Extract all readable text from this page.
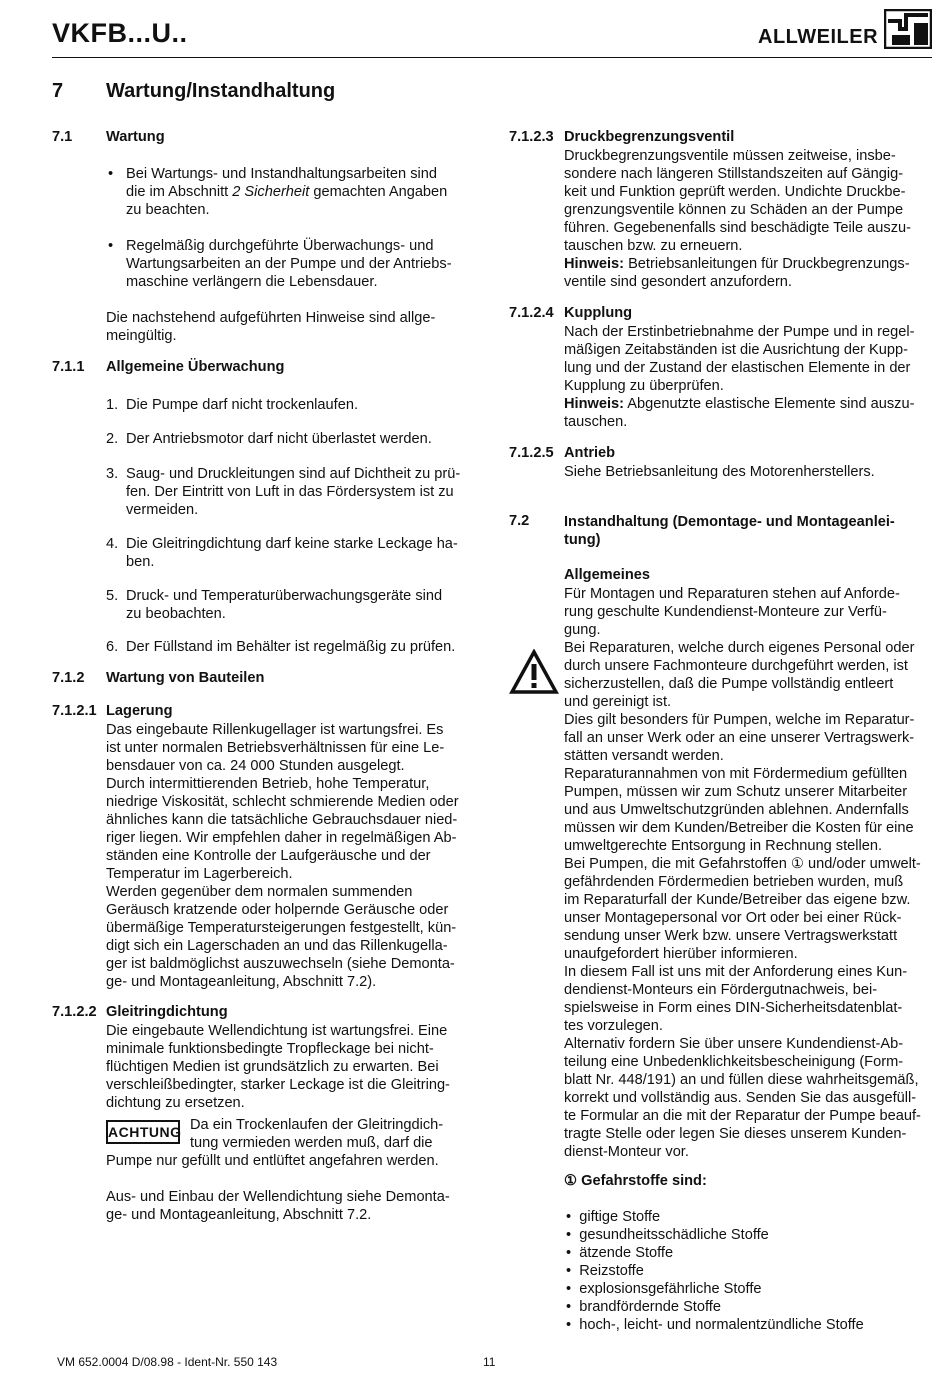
VKFB...U..	ALLWEILER
7 Wartung/Instandhaltung
7.1 Wartung
• Bei Wartungs- und Instandhaltungsarbeiten sind
die im Abschnitt 2 Sicherheit gemachten Angaben
zu beachten.
• Regelmäßig durchgeführte Überwachungs- und
Wartungsarbeiten an der Pumpe und der Antriebs-
maschine verlängern die Lebensdauer.
Die nachstehend aufgeführten Hinweise sind allge-
meingültig.
7.1.1 Allgemeine Überwachung
1. Die Pumpe darf nicht trockenlaufen.
2. Der Antriebsmotor darf nicht überlastet werden.
3. Saug- und Druckleitungen sind auf Dichtheit zu prü-
fen. Der Eintritt von Luft in das Fördersystem ist zu
vermeiden.
4. Die Gleitringdichtung darf keine starke Leckage ha-
ben.
5. Druck- und Temperaturüberwachungsgeräte sind
zu beobachten.
6. Der Füllstand im Behälter ist regelmäßig zu prüfen.
7.1.2 Wartung von Bauteilen
7.1.2.1 Lagerung
Das eingebaute Rillenkugellager ist wartungsfrei. Es
ist unter normalen Betriebsverhältnissen für eine Le-
bensdauer von ca. 24 000 Stunden ausgelegt.
Durch intermittierenden Betrieb, hohe Temperatur,
niedrige Viskosität, schlecht schmierende Medien oder
ähnliches kann die tatsächliche Gebrauchsdauer nied-
riger liegen. Wir empfehlen daher in regelmäßigen Ab-
ständen eine Kontrolle der Laufgeräusche und der
Temperatur im Lagerbereich.
Werden gegenüber dem normalen summenden
Geräusch kratzende oder holpernde Geräusche oder
übermäßige Temperatursteigerungen festgestellt, kün-
digt sich ein Lagerschaden an und das Rillenkugella-
ger ist baldmöglichst auszuwechseln (siehe Demonta-
ge- und Montageanleitung, Abschnitt 7.2).
7.1.2.2 Gleitringdichtung
Die eingebaute Wellendichtung ist wartungsfrei. Eine
minimale funktionsbedingte Tropfleckage bei nicht-
flüchtigen Medien ist grundsätzlich zu erwarten. Bei
verschleißbedingter, starker Leckage ist die Gleitring-
dichtung zu ersetzen.
ACHTUNG Da ein Trockenlaufen der Gleitringdich-
tung vermieden werden muß, darf die
Pumpe nur gefüllt und entlüftet angefahren werden.
Aus- und Einbau der Wellendichtung siehe Demonta-
ge- und Montageanleitung, Abschnitt 7.2.
7.1.2.3 Druckbegrenzungsventil
Druckbegrenzungsventile müssen zeitweise, insbe-
sondere nach längeren Stillstandszeiten auf Gängig-
keit und Funktion geprüft werden. Undichte Druckbe-
grenzungsventile können zu Schäden an der Pumpe
führen. Gegebenenfalls sind beschädigte Teile auszu-
tauschen bzw. zu erneuern.
Hinweis: Betriebsanleitungen für Druckbegrenzungs-
ventile sind gesondert anzufordern.
7.1.2.4 Kupplung
Nach der Erstinbetriebnahme der Pumpe und in regel-
mäßigen Zeitabständen ist die Ausrichtung der Kupp-
lung und der Zustand der elastischen Elemente in der
Kupplung zu überprüfen.
Hinweis: Abgenutzte elastische Elemente sind auszu-
tauschen.
7.1.2.5 Antrieb
Siehe Betriebsanleitung des Motorenherstellers.
7.2 Instandhaltung (Demontage- und Montageanlei-
tung)
Allgemeines
Für Montagen und Reparaturen stehen auf Anforde-
rung geschulte Kundendienst-Monteure zur Verfü-
gung.
Bei Reparaturen, welche durch eigenes Personal oder
durch unsere Fachmonteure durchgeführt werden, ist
sicherzustellen, daß die Pumpe vollständig entleert
und gereinigt ist.
Dies gilt besonders für Pumpen, welche im Reparatur-
fall an unser Werk oder an eine unserer Vertragswerk-
stätten versandt werden.
Reparaturannahmen von mit Fördermedium gefüllten
Pumpen, müssen wir zum Schutz unserer Mitarbeiter
und aus Umweltschutzgründen ablehnen. Andernfalls
müssen wir dem Kunden/Betreiber die Kosten für eine
umweltgerechte Entsorgung in Rechnung stellen.
Bei Pumpen, die mit Gefahrstoffen ① und/oder umwelt-
gefährdenden Fördermedien betrieben wurden, muß
im Reparaturfall der Kunde/Betreiber das eigene bzw.
unser Montagepersonal vor Ort oder bei einer Rück-
sendung unser Werk bzw. unsere Vertragswerkstatt
unaufgefordert hierüber informieren.
In diesem Fall ist uns mit der Anforderung eines Kun-
dendienst-Monteurs ein Fördergutnachweis, bei-
spielsweise in Form eines DIN-Sicherheitsdatenblat-
tes vorzulegen.
Alternativ fordern Sie über unsere Kundendienst-Ab-
teilung eine Unbedenklichkeitsbescheinigung (Form-
blatt Nr. 448/191) an und füllen diese wahrheitsgemäß,
korrekt und vollständig aus. Senden Sie das ausgefüll-
te Formular an die mit der Reparatur der Pumpe beauf-
tragte Stelle oder legen Sie dieses unserem Kunden-
dienst-Monteur vor.
① Gefahrstoffe sind:
•  giftige Stoffe
•  gesundheitsschädliche Stoffe
•  ätzende Stoffe
•  Reizstoffe
•  explosionsgefährliche Stoffe
•  brandfördernde Stoffe
•  hoch-, leicht- und normalentzündliche Stoffe
VM 652.0004 D/08.98 - Ident-Nr. 550 143	11
